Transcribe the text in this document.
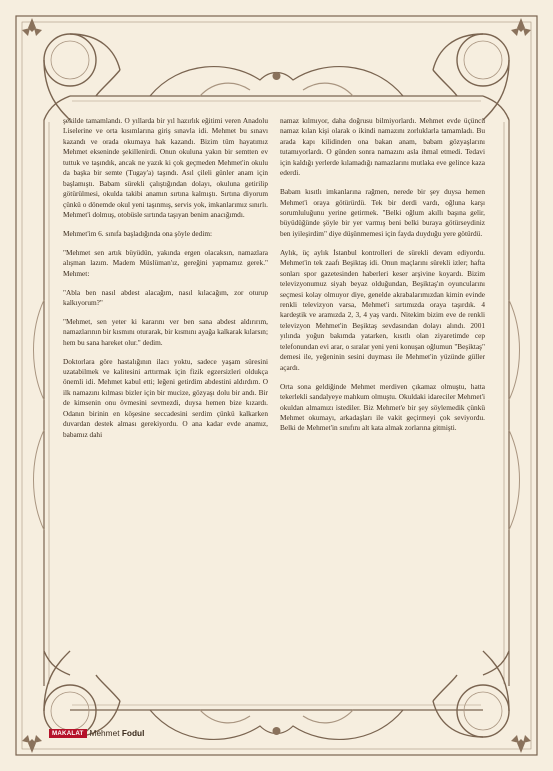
şekilde tamamlandı. O yıllarda bir yıl hazırlık eğitimi veren Anadolu Liselerine ve orta kısımlarına giriş sınavla idi. Mehmet bu sınavı kazandı ve orada okumaya hak kazandı. Bizim tüm hayatımız Mehmet ekseninde şekillenirdi. Onun okuluna yakın bir semtten ev tuttuk ve taşındık, ancak ne yazık ki çok geçmeden Mehmet'in okulu da başka bir semte (Tugay'a) taşındı. Asıl çileli günler anam için başlamıştı. Babam sürekli çalıştığından dolayı, okuluna getirilip götürülmesi, okulda takibi anamın sırtına kalmıştı. Sırtına diyorum çünkü o dönemde okul yeni taşınmış, servis yok, imkanlarımız sınırlı. Mehmet'i dolmuş, otobüsle sırtında taşıyan benim anacığımdı.

Mehmet'im 6. sınıfa başladığında ona şöyle dedim:

"Mehmet sen artık büyüdün, yakında ergen olacaksın, namazlara alışman lazım. Madem Müslüman'ız, gereğini yapmamız gerek." Mehmet:

"Abla ben nasıl abdest alacağım, nasıl kılacağım, zor oturup kalkıyorum?"

"Mehmet, sen yeter ki kararını ver ben sana abdest aldırırım, namazlarının bir kısmını oturarak, bir kısmını ayağa kalkarak kılarsın; hem bu sana hareket olur." dedim.

Doktorlara göre hastalığının ilacı yoktu, sadece yaşam süresini uzatabilmek ve kalitesini arttırmak için fizik egzersizleri oldukça önemli idi. Mehmet kabul etti; leğeni getirdim abdestini aldırdım. O ilk namazını kılması bizler için bir mucize, gözyaşı dolu bir andı. Bir de kimsenin onu övmesini sevmezdi, duysa hemen bize kızardı. Odanın birinin en köşesine seccadesini serdim çünkü kalkarken duvardan destek alması gerekiyordu. O ana kadar evde anamız, babamız dahi

namaz kılmıyor, daha doğrusu bilmiyorlardı. Mehmet evde üçüncü namaz kılan kişi olarak o ikindi namazını zorluklarla tamamladı. Bu arada kapı kilidinden ona bakan anam, babam gözyaşlarını tutamıyorlardı. O günden sonra namazını asla ihmal etmedi. Tedavi için kaldığı yerlerde kılamadığı namazlarını mutlaka eve gelince kaza ederdi.

Babam kısıtlı imkanlarına rağmen, nerede bir şey duysa hemen Mehmet'i oraya götürürdü. Tek bir derdi vardı, oğluna karşı sorumluluğunu yerine getirmek. "Belki oğlum akıllı başına gelir, büyüdüğünde şöyle bir yer varmış beni belki buraya götürseydiniz ben iyileşirdim" diye düşünmemesi için fayda duyduğu yere götürdü.

Aylık, üç aylık İstanbul kontrolleri de sürekli devam ediyordu. Mehmet'in tek zaafı Beşiktaş idi. Onun maçlarını sürekli izler; hafta sonları spor gazetesinden haberleri keser arşivine koyardı. Bizim televizyonumuz siyah beyaz olduğundan, Beşiktaş'ın oyuncularını seçmesi kolay olmuyor diye, genelde akrabalarımızdan kimin evinde renkli televizyon varsa, Mehmet'i sırtımızda oraya taşırdık. 4 kardeştik ve aramızda 2, 3, 4 yaş vardı. Nitekim bizim eve de renkli televizyon Mehmet'in Beşiktaş sevdasından dolayı alındı. 2001 yılında yoğun bakımda yatarken, kısıtlı olan ziyaretimde cep telefonundan evi arar, o sıralar yeni yeni konuşan oğlumun "Beşiktaş" demesi ile, yeğeninin sesini duyması ile Mehmet'in yüzünde güller açardı.

Orta sona geldiğinde Mehmet merdiven çıkamaz olmuştu, hatta tekerlekli sandalyeye mahkum olmuştu. Okuldaki idareciler Mehmet'i okuldan almamızı istediler. Biz Mehmet'e bir şey söylemedik çünkü Mehmet okumayı, arkadaşları ile vakit geçirmeyi çok seviyordu. Belki de Mehmet'in sınıfını alt kata almak zorlarına gitmişti.

MAKALAT Mehmet Fodul
